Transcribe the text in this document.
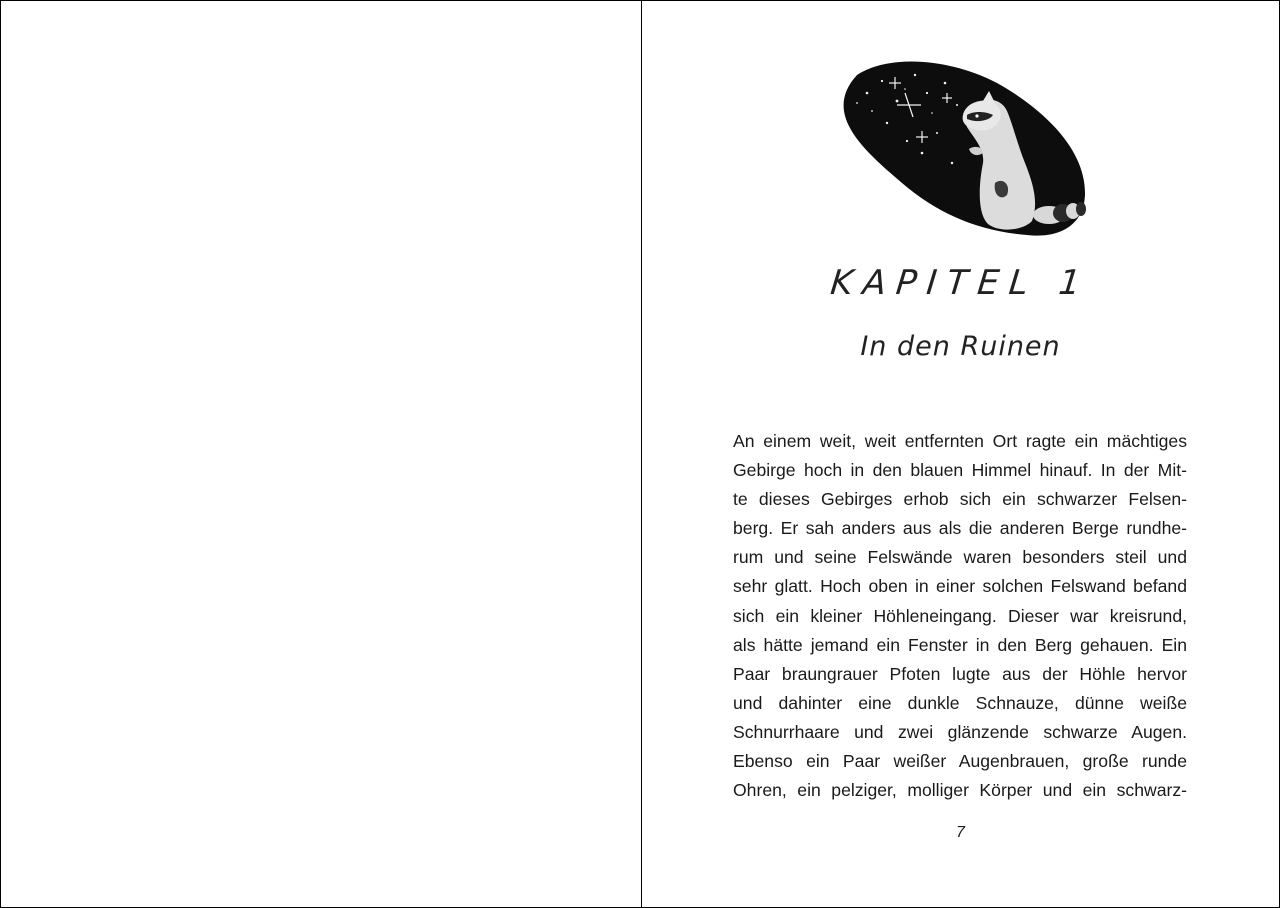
KAPITEL 1
In den Ruinen
An einem weit, weit entfernten Ort ragte ein mächtiges
Gebirge hoch in den blauen Himmel hinauf. In der Mit-
te dieses Gebirges erhob sich ein schwarzer Felsen-
berg. Er sah anders aus als die anderen Berge rundhe-
rum und seine Felswände waren besonders steil und
sehr glatt. Hoch oben in einer solchen Felswand befand
sich ein kleiner Höhleneingang. Dieser war kreisrund,
als hätte jemand ein Fenster in den Berg gehauen. Ein
Paar braungrauer Pfoten lugte aus der Höhle hervor
und dahinter eine dunkle Schnauze, dünne weiße
Schnurrhaare und zwei glänzende schwarze Augen.
Ebenso ein Paar weißer Augenbrauen, große runde
Ohren, ein pelziger, molliger Körper und ein schwarz-
7
